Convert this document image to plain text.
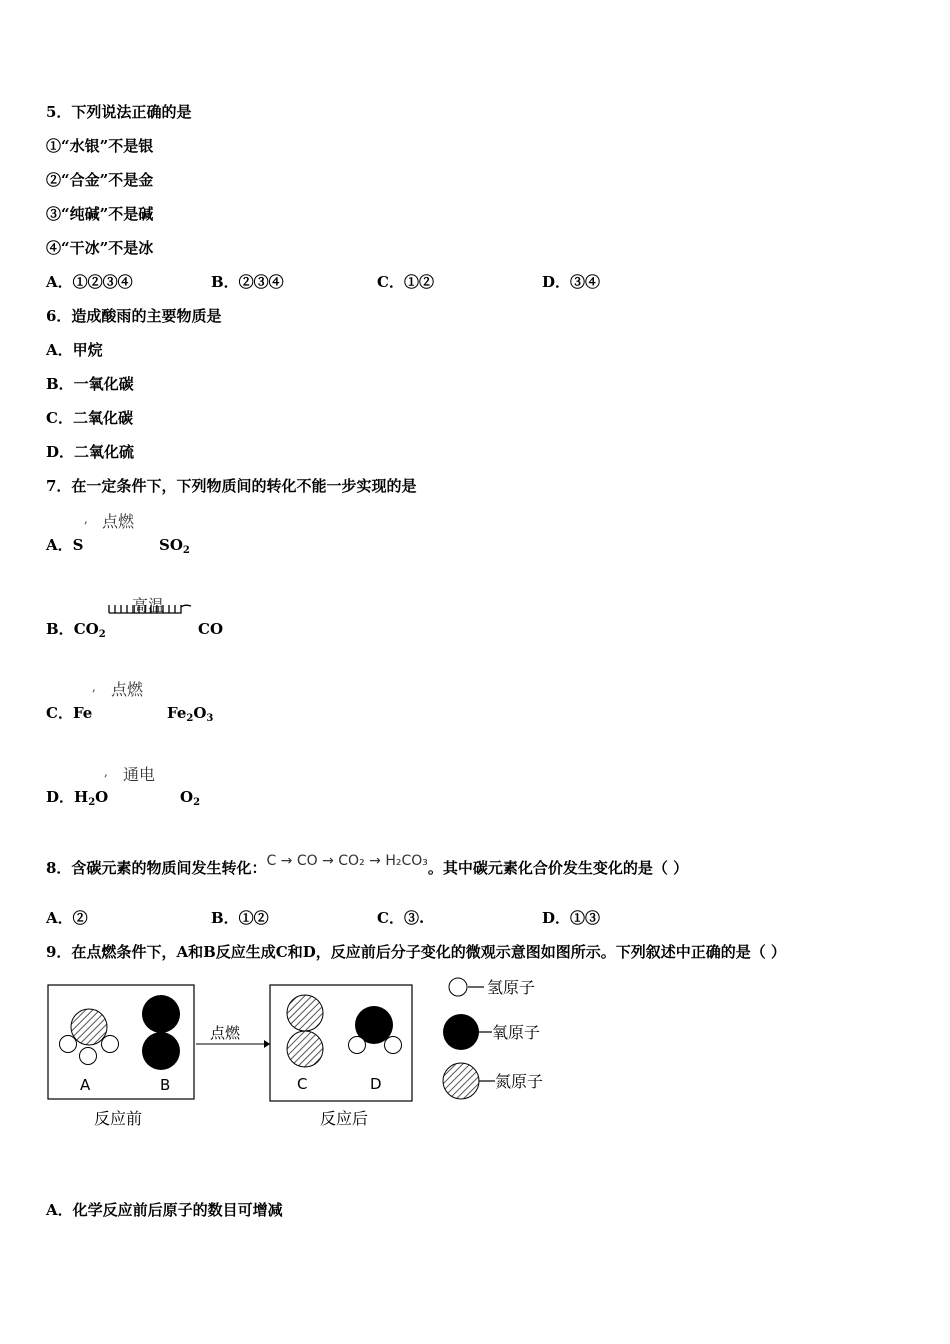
5．下列说法正确的是
①“水银”不是银
②“合金”不是金
③“纯碱”不是碱
④“干冰”不是冰
A．①②③④	B．②③④	C．①②	D．③④
6．造成酸雨的主要物质是
A．甲烷
B．一氧化碳
C．二氧化碳
D．二氧化硫
7．在一定条件下，下列物质间的转化不能一步实现的是
, 点燃
A．S	$SO_2$
高温
B．$CO_2$	CO
, 点燃
C．Fe	$Fe_2O_3$
, 通电
D．$H_2O$	$O_2$
8．含碳元素的物质间发生转化：C → CO → CO₂ → H₂CO₃。其中碳元素化合价发生变化的是（ ）
A．②	B．①②	C．③.	D．①③
9．在点燃条件下，A和B反应生成C和D，反应前后分子变化的微观示意图如图所示。下列叙述中正确的是（ ）
A	B
点燃
C	D
反应前	反应后
氢原子
氧原子
氮原子
A．化学反应前后原子的数目可增减
